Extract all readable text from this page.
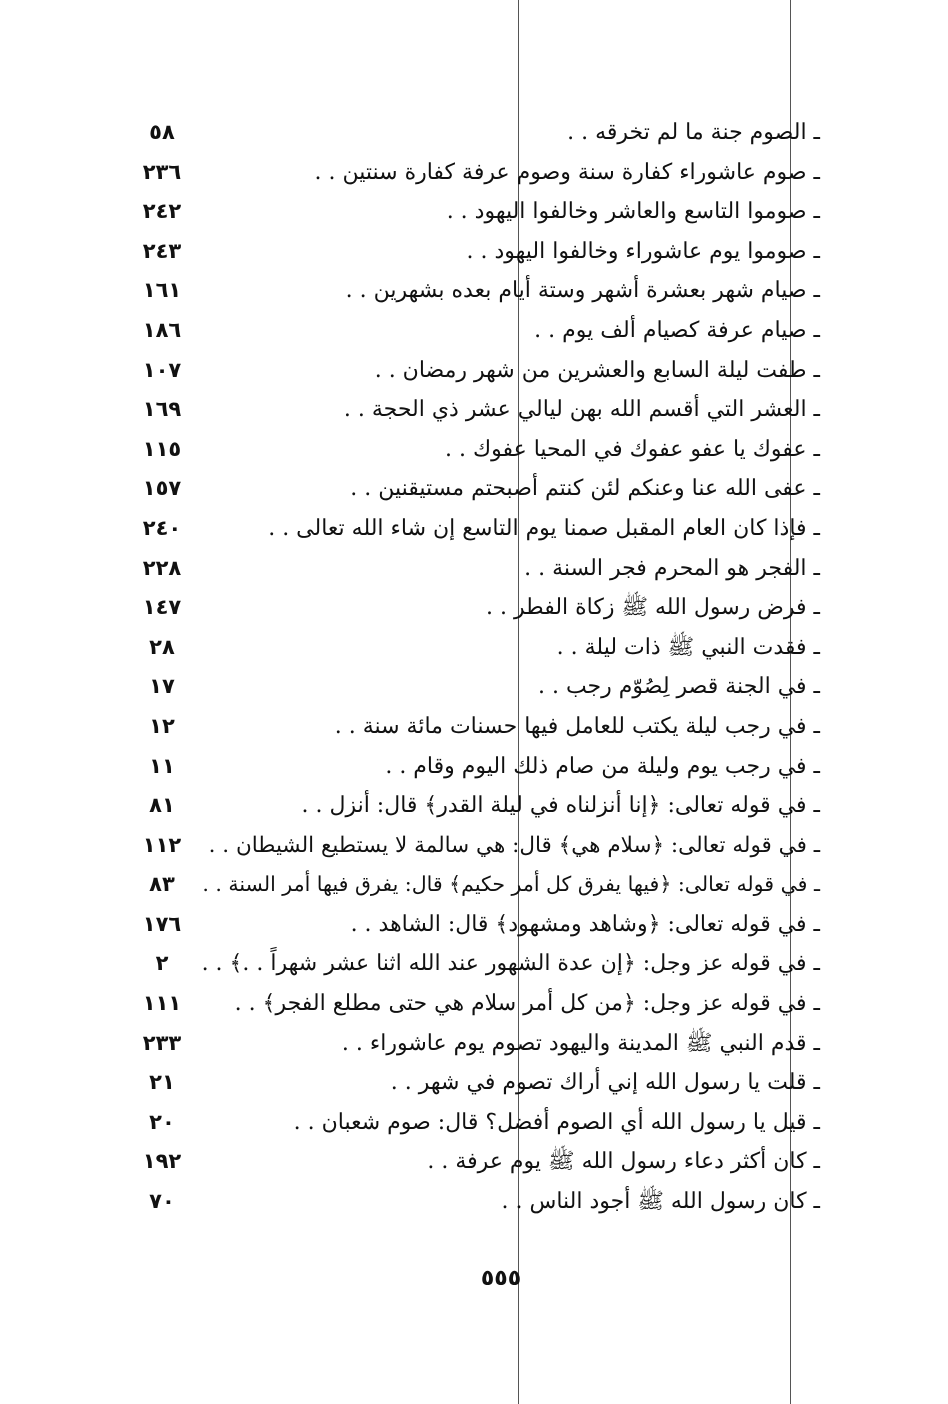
ـ الصوم جنة ما لم تخرقه . .
٥٨
ـ صوم عاشوراء كفارة سنة وصوم عرفة كفارة سنتين . .
٢٣٦
ـ صوموا التاسع والعاشر وخالفوا اليهود . .
٢٤٢
ـ صوموا يوم عاشوراء وخالفوا اليهود . .
٢٤٣
ـ صيام شهر بعشرة أشهر وستة أيام بعده بشهرين . .
١٦١
ـ صيام عرفة كصيام ألف يوم . .
١٨٦
ـ طفت ليلة السابع والعشرين من شهر رمضان . .
١٠٧
ـ العشر التي أقسم الله بهن ليالي عشر ذي الحجة . .
١٦٩
ـ عفوك يا عفو عفوك في المحيا عفوك . .
١١٥
ـ عفى الله عنا وعنكم لئن كنتم أصبحتم مستيقنين . .
١٥٧
ـ فإذا كان العام المقبل صمنا يوم التاسع إن شاء الله تعالى . .
٢٤٠
ـ الفجر هو المحرم فجر السنة . .
٢٢٨
ـ فرض رسول الله ﷺ زكاة الفطر . .
١٤٧
ـ فقدت النبي ﷺ ذات ليلة . .
٢٨
ـ في الجنة قصر لِصُوّم رجب . .
١٧
ـ في رجب ليلة يكتب للعامل فيها حسنات مائة سنة . .
١٢
ـ في رجب يوم وليلة من صام ذلك اليوم وقام . .
١١
ـ في قوله تعالى: ﴿إنا أنزلناه في ليلة القدر﴾ قال: أنزل . .
٨١
ـ في قوله تعالى: ﴿سلام هي﴾ قال: هي سالمة لا يستطيع الشيطان . .
١١٢
ـ في قوله تعالى: ﴿فيها يفرق كل أمر حكيم﴾ قال: يفرق فيها أمر السنة . .
٨٣
ـ في قوله تعالى: ﴿وشاهد ومشهود﴾ قال: الشاهد . .
١٧٦
ـ في قوله عز وجل: ﴿إن عدة الشهور عند الله اثنا عشر شهراً . .﴾ . .
٢
ـ في قوله عز وجل: ﴿من كل أمر سلام هي حتى مطلع الفجر﴾ . .
١١١
ـ قدم النبي ﷺ المدينة واليهود تصوم يوم عاشوراء . .
٢٣٣
ـ قلت يا رسول الله إني أراك تصوم في شهر . .
٢١
ـ قيل يا رسول الله أي الصوم أفضل؟ قال: صوم شعبان . .
٢٠
ـ كان أكثر دعاء رسول الله ﷺ يوم عرفة . .
١٩٢
ـ كان رسول الله ﷺ أجود الناس . .
٧٠
٥٥٥
